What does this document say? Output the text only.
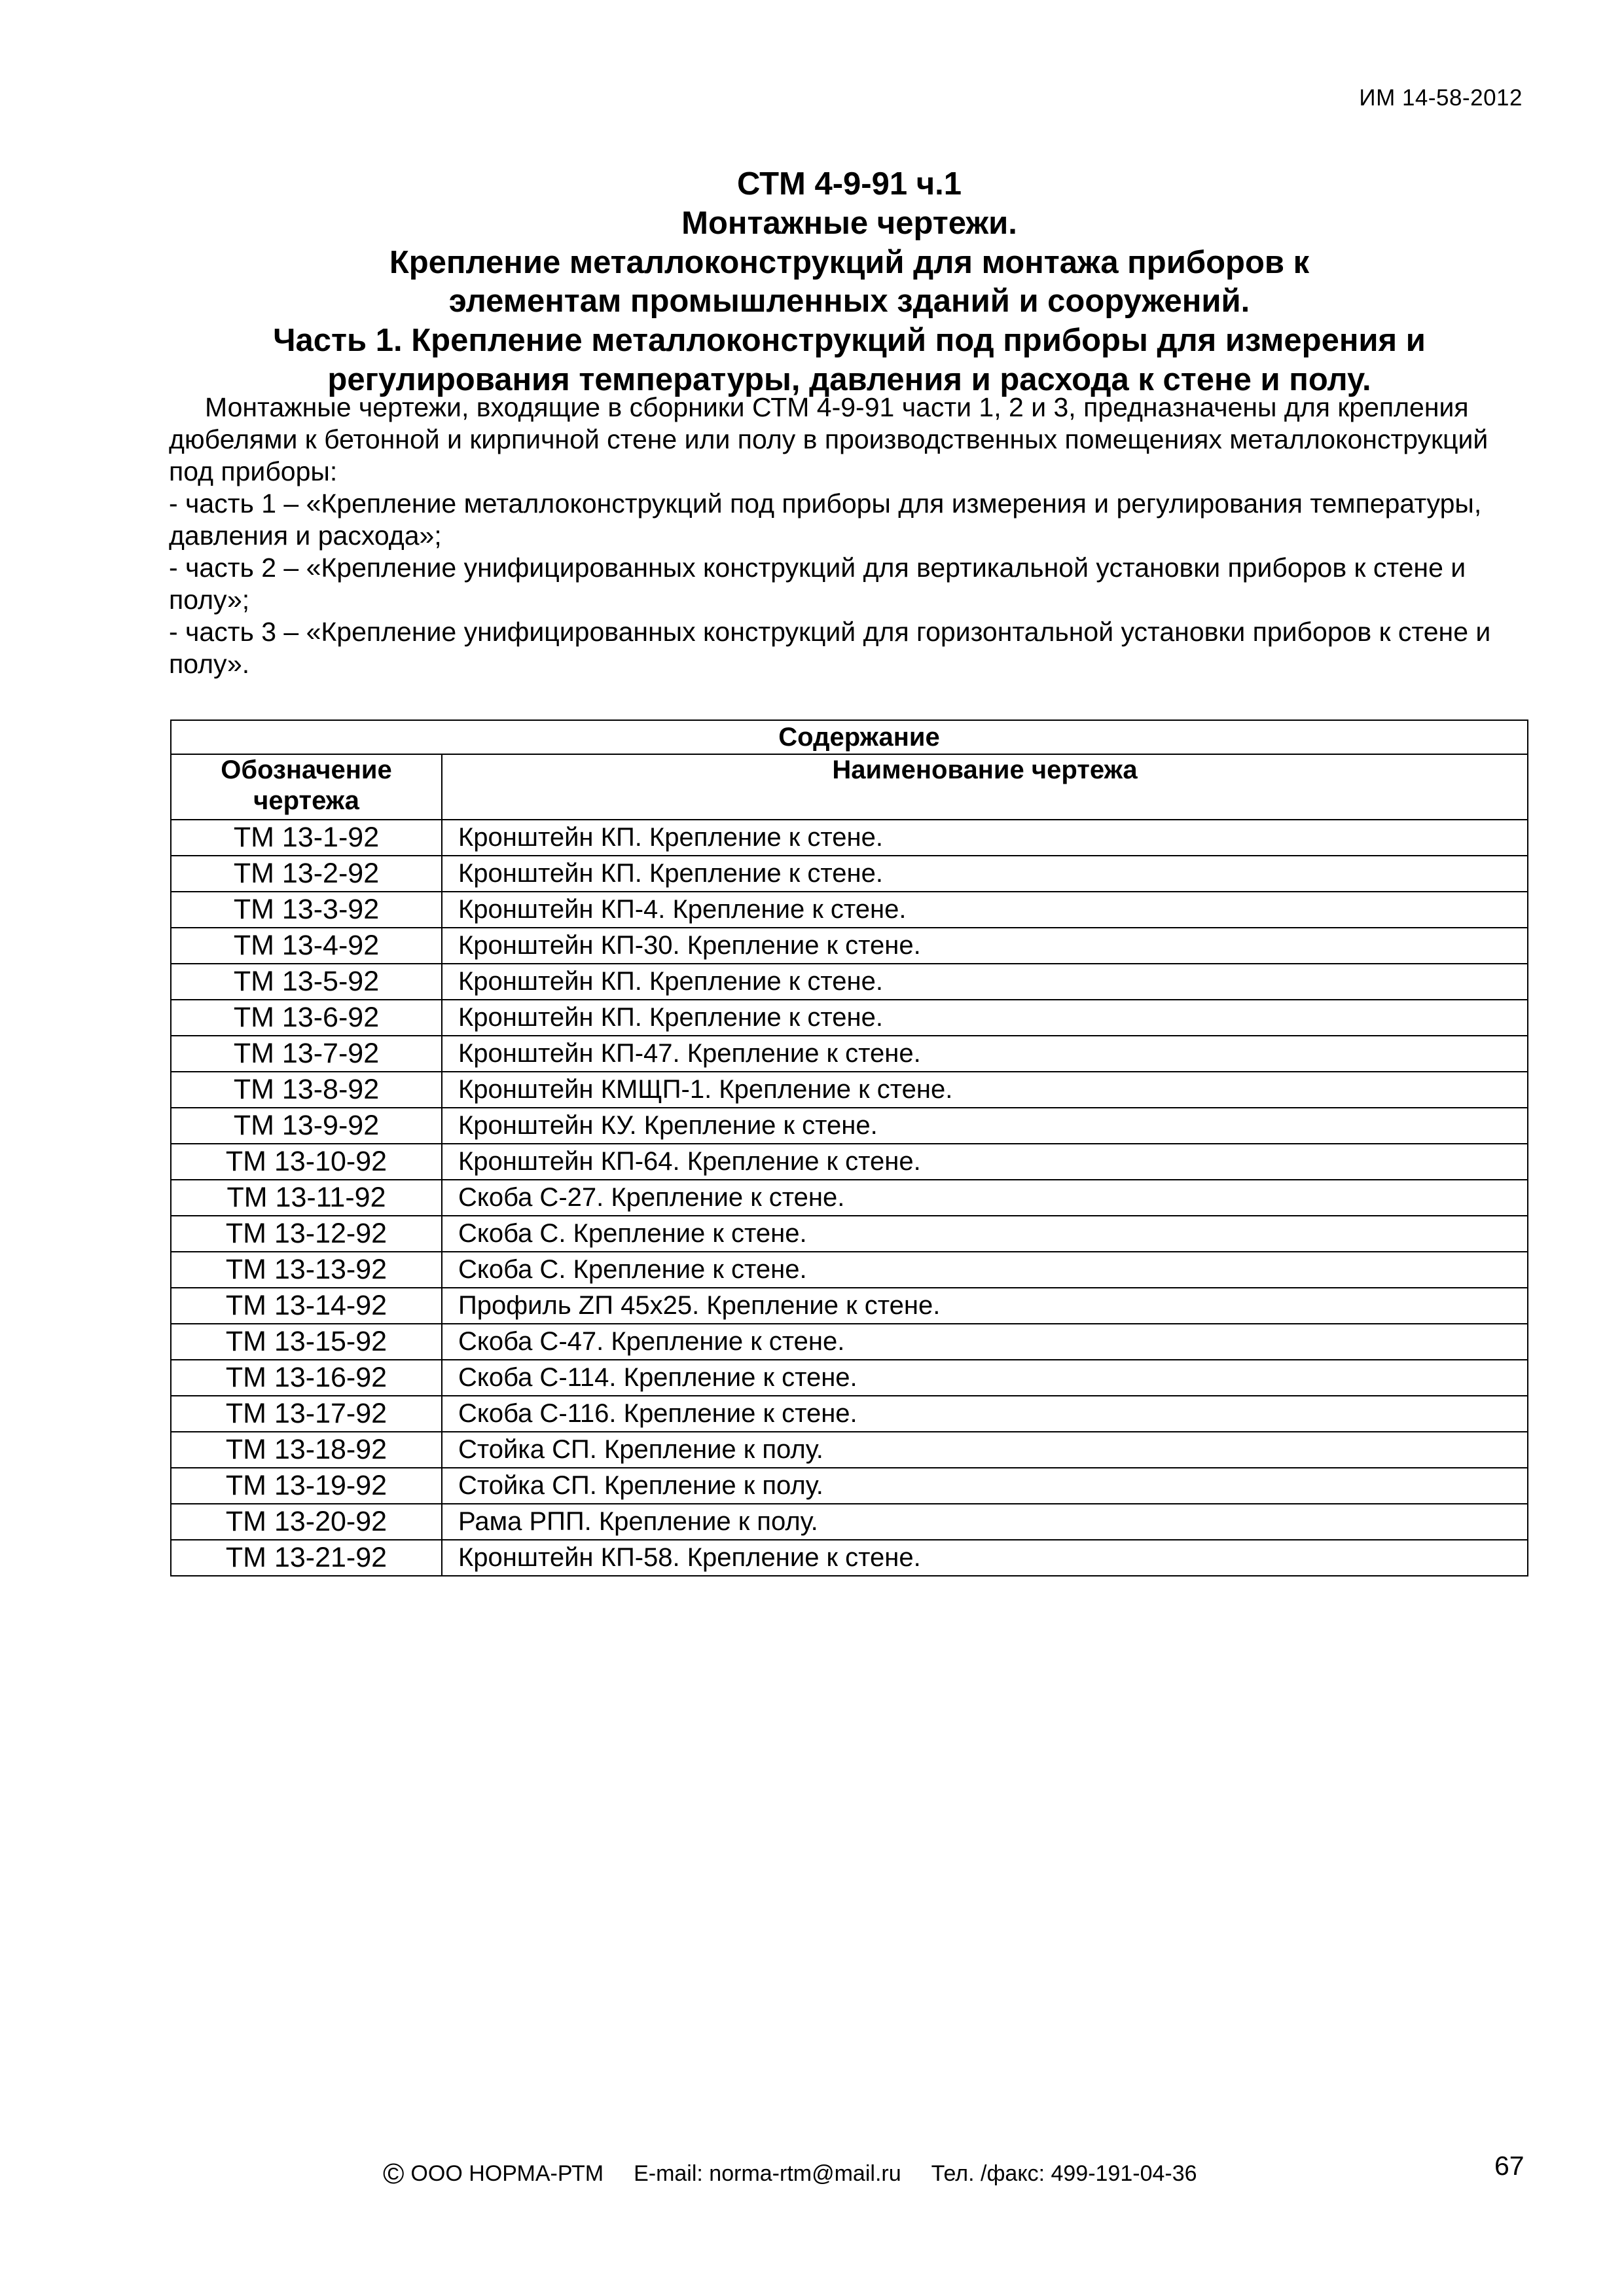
ИМ 14-58-2012
СТМ 4-9-91 ч.1
Монтажные чертежи.
Крепление металлоконструкций для монтажа приборов к
элементам промышленных зданий и сооружений.
Часть 1. Крепление металлоконструкций под приборы для измерения и
регулирования температуры, давления и расхода к стене и полу.

Монтажные чертежи, входящие в сборники СТМ 4-9-91 части 1, 2 и 3, предназначены для крепления дюбелями к бетонной и кирпичной стене или полу в производственных помещениях металлоконструкций под приборы:

- часть 1 – «Крепление металлоконструкций под приборы для измерения и регулирования температуры, давления и расхода»;

- часть 2 – «Крепление унифицированных конструкций для вертикальной установки приборов к стене и полу»;

- часть 3 – «Крепление унифицированных конструкций для горизонтальной установки приборов к стене и полу».

Содержание	
Обозначение чертежа	Наименование чертежа
ТМ 13-1-92	Кронштейн КП. Крепление к стене.
ТМ 13-2-92	Кронштейн КП. Крепление к стене.
ТМ 13-3-92	Кронштейн КП-4. Крепление к стене.
ТМ 13-4-92	Кронштейн КП-30. Крепление к стене.
ТМ 13-5-92	Кронштейн КП. Крепление к стене.
ТМ 13-6-92	Кронштейн КП. Крепление к стене.
ТМ 13-7-92	Кронштейн КП-47. Крепление к стене.
ТМ 13-8-92	Кронштейн КМЩП-1. Крепление к стене.
ТМ 13-9-92	Кронштейн КУ. Крепление к стене.
ТМ 13-10-92	Кронштейн КП-64. Крепление к стене.
ТМ 13-11-92	Скоба С-27. Крепление к стене.
ТМ 13-12-92	Скоба С. Крепление к стене.
ТМ 13-13-92	Скоба С. Крепление к стене.
ТМ 13-14-92	Профиль ZП 45х25. Крепление к стене.
ТМ 13-15-92	Скоба С-47. Крепление к стене.
ТМ 13-16-92	Скоба С-114. Крепление к стене.
ТМ 13-17-92	Скоба С-116. Крепление к стене.
ТМ 13-18-92	Стойка СП. Крепление к полу.
ТМ 13-19-92	Стойка СП. Крепление к полу.
ТМ 13-20-92	Рама РПП. Крепление к полу.
ТМ 13-21-92	Кронштейн КП-58. Крепление к стене.
© ООО НОРМА-РТМ E-mail: norma-rtm@mail.ru Тел. /факс: 499-191-04-36	67
